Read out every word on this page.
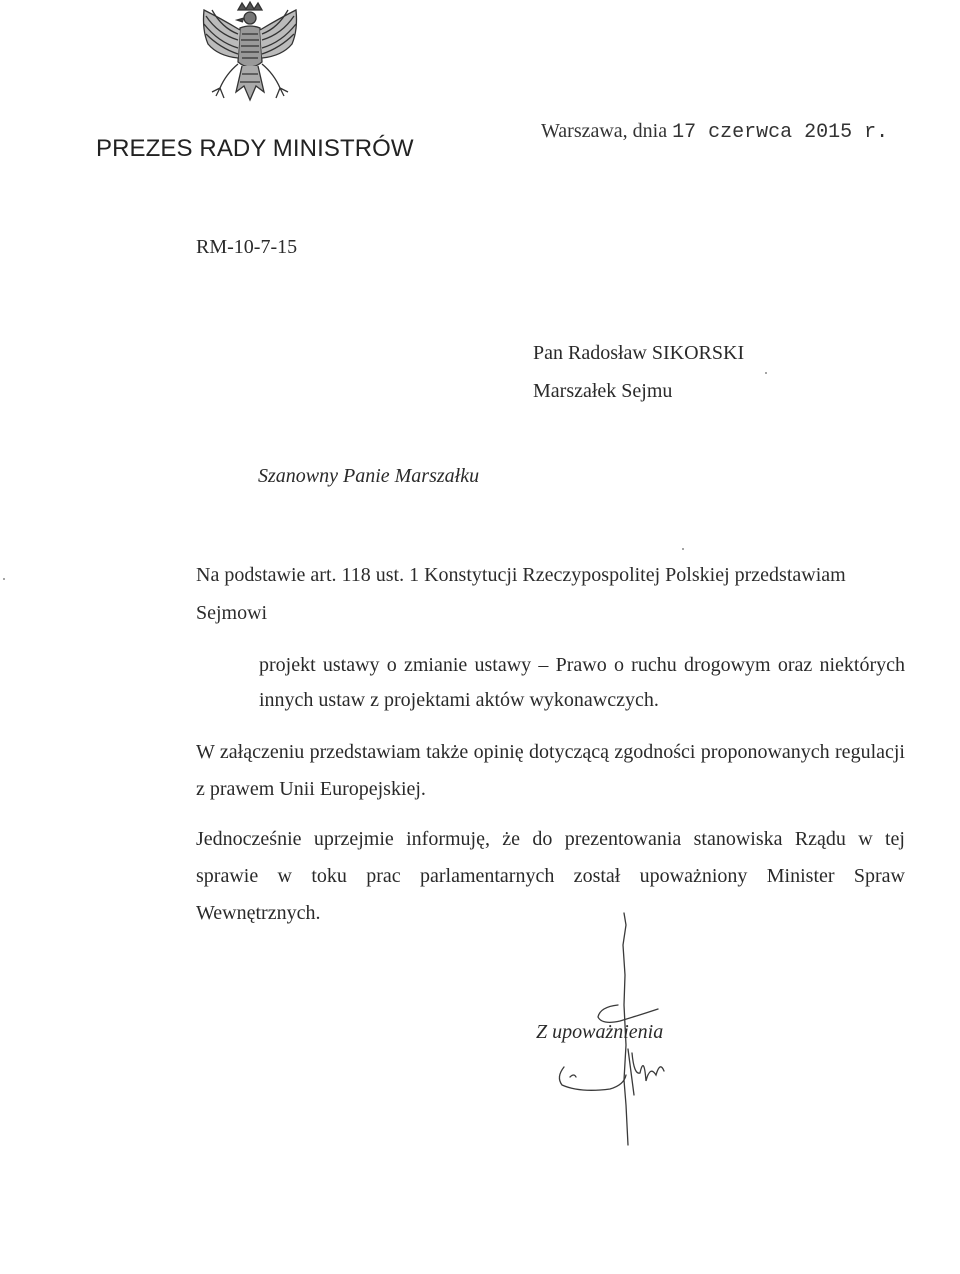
PREZES RADY MINISTRÓW
Warszawa, dnia 17 czerwca 2015 r.
RM-10-7-15
Pan Radosław SIKORSKI
Marszałek Sejmu
Szanowny Panie Marszałku
Na podstawie art. 118 ust. 1 Konstytucji Rzeczypospolitej Polskiej przedstawiam
Sejmowi
projekt ustawy o zmianie ustawy – Prawo o ruchu drogowym oraz niektórych innych ustaw z projektami aktów wykonawczych.
W załączeniu przedstawiam także opinię dotyczącą zgodności proponowanych regulacji z prawem Unii Europejskiej.
Jednocześnie uprzejmie informuję, że do prezentowania stanowiska Rządu w tej sprawie w toku prac parlamentarnych został upoważniony Minister Spraw Wewnętrznych.
Z upoważnienia
